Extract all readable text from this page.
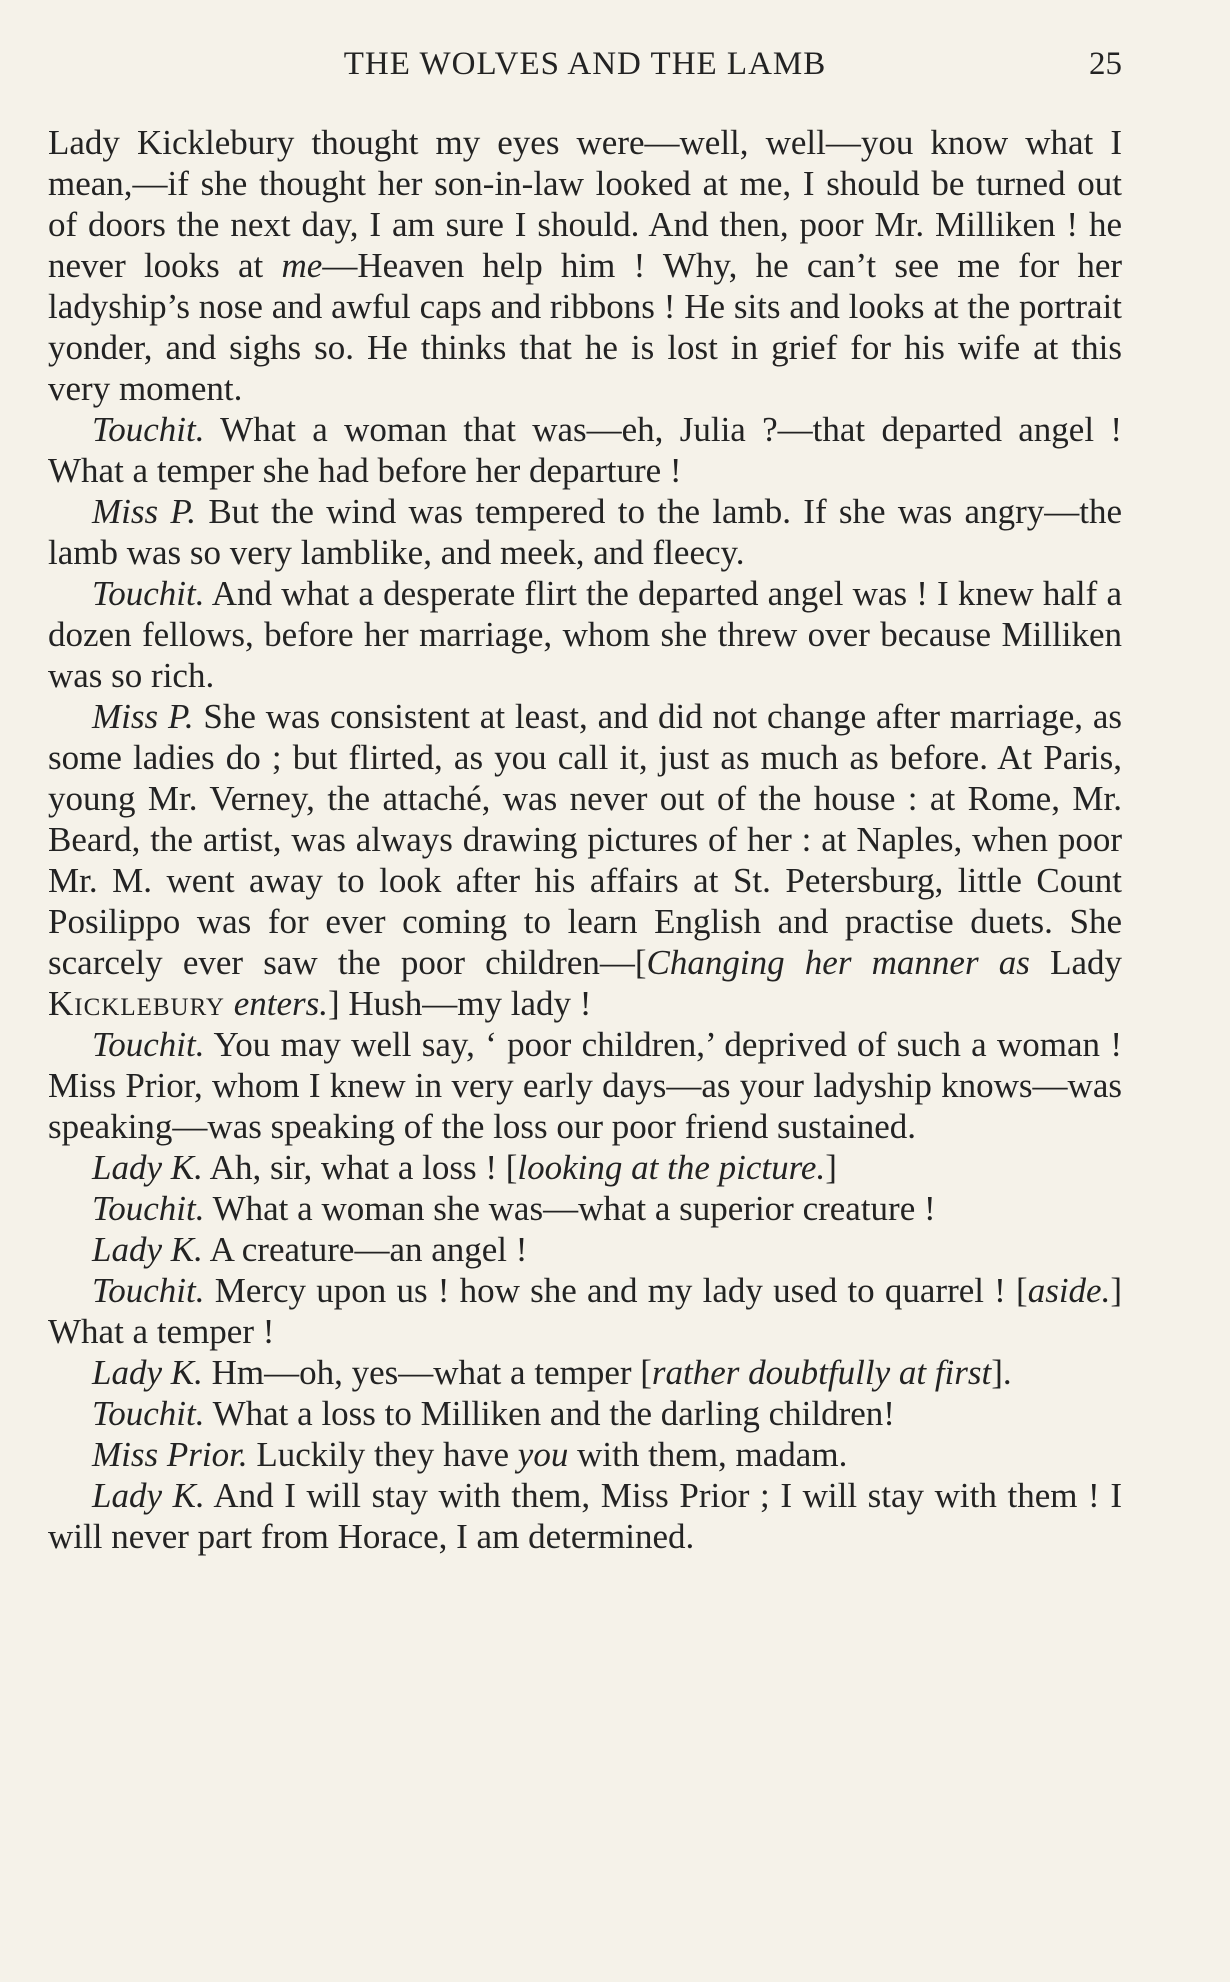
THE WOLVES AND THE LAMB	25

Lady Kicklebury thought my eyes were—well, well—you know what I mean,—if she thought her son-in-law looked at me, I should be turned out of doors the next day, I am sure I should. And then, poor Mr. Milliken ! he never looks at me—Heaven help him ! Why, he can’t see me for her ladyship’s nose and awful caps and ribbons ! He sits and looks at the portrait yonder, and sighs so. He thinks that he is lost in grief for his wife at this very moment.

Touchit. What a woman that was—eh, Julia ?—that departed angel ! What a temper she had before her departure !

Miss P. But the wind was tempered to the lamb. If she was angry—the lamb was so very lamblike, and meek, and fleecy.

Touchit. And what a desperate flirt the departed angel was ! I knew half a dozen fellows, before her marriage, whom she threw over because Milliken was so rich.

Miss P. She was consistent at least, and did not change after marriage, as some ladies do ; but flirted, as you call it, just as much as before. At Paris, young Mr. Verney, the attaché, was never out of the house : at Rome, Mr. Beard, the artist, was always drawing pictures of her : at Naples, when poor Mr. M. went away to look after his affairs at St. Petersburg, little Count Posilippo was for ever coming to learn English and practise duets. She scarcely ever saw the poor children—[Changing her manner as Lady Kicklebury enters.] Hush—my lady !

Touchit. You may well say, ‘ poor children,’ deprived of such a woman ! Miss Prior, whom I knew in very early days—as your ladyship knows—was speaking—was speaking of the loss our poor friend sustained.

Lady K. Ah, sir, what a loss ! [looking at the picture.]

Touchit. What a woman she was—what a superior creature !

Lady K. A creature—an angel !

Touchit. Mercy upon us ! how she and my lady used to quarrel ! [aside.] What a temper !

Lady K. Hm—oh, yes—what a temper [rather doubtfully at first].

Touchit. What a loss to Milliken and the darling children!

Miss Prior. Luckily they have you with them, madam.

Lady K. And I will stay with them, Miss Prior ; I will stay with them ! I will never part from Horace, I am determined.
